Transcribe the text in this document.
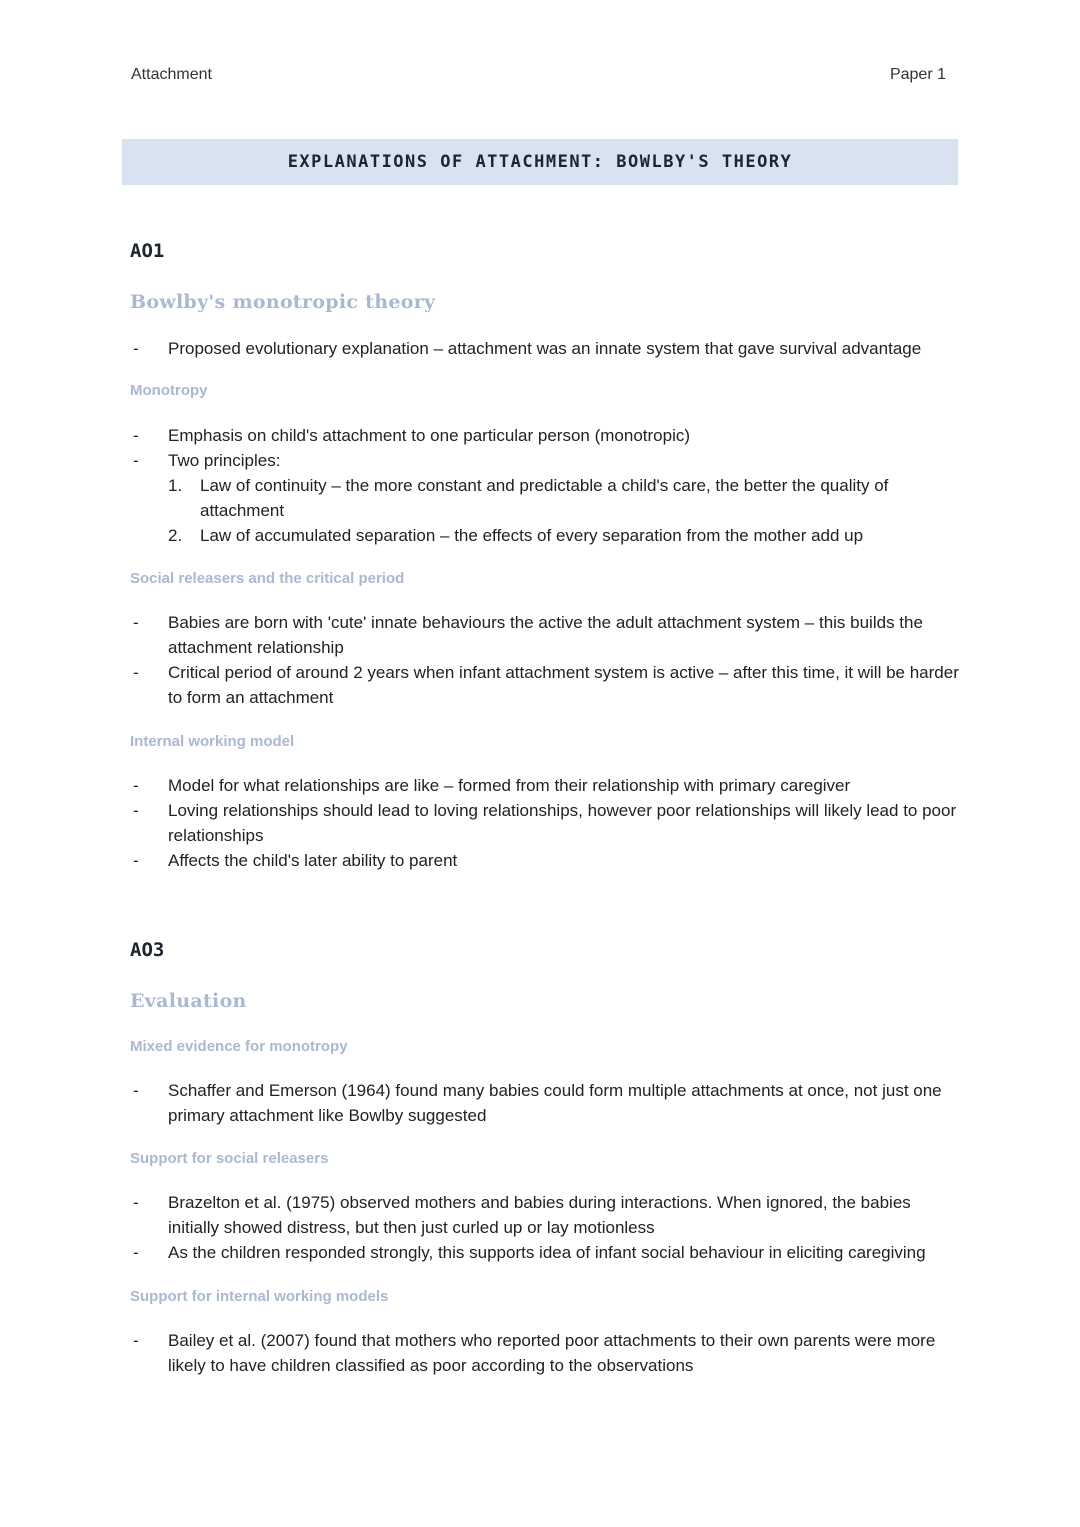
Attachment	Paper 1
EXPLANATIONS OF ATTACHMENT: BOWLBY'S THEORY
AO1
Bowlby's monotropic theory
- Proposed evolutionary explanation – attachment was an innate system that gave survival advantage
Monotropy
- Emphasis on child's attachment to one particular person (monotropic)
- Two principles:
1. Law of continuity – the more constant and predictable a child's care, the better the quality of attachment
2. Law of accumulated separation – the effects of every separation from the mother add up
Social releasers and the critical period
- Babies are born with 'cute' innate behaviours the active the adult attachment system – this builds the attachment relationship
- Critical period of around 2 years when infant attachment system is active – after this time, it will be harder to form an attachment
Internal working model
- Model for what relationships are like – formed from their relationship with primary caregiver
- Loving relationships should lead to loving relationships, however poor relationships will likely lead to poor relationships
- Affects the child's later ability to parent
AO3
Evaluation
Mixed evidence for monotropy
- Schaffer and Emerson (1964) found many babies could form multiple attachments at once, not just one primary attachment like Bowlby suggested
Support for social releasers
- Brazelton et al. (1975) observed mothers and babies during interactions. When ignored, the babies initially showed distress, but then just curled up or lay motionless
- As the children responded strongly, this supports idea of infant social behaviour in eliciting caregiving
Support for internal working models
- Bailey et al. (2007) found that mothers who reported poor attachments to their own parents were more likely to have children classified as poor according to the observations
